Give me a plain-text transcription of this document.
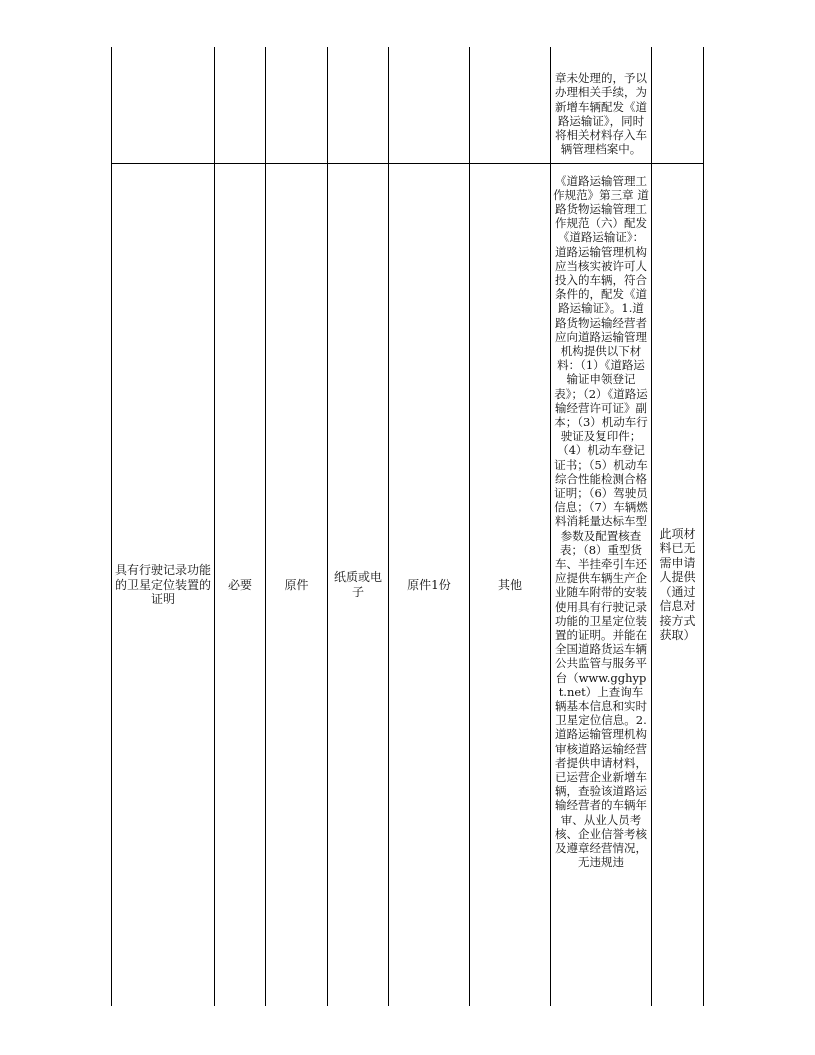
						章未处理的，予以办理相关手续，为新增车辆配发《道路运输证》，同时将相关材料存入车辆管理档案中。	
具有行驶记录功能的卫星定位装置的证明	必要	原件	纸质或电子	原件1份	其他	《道路运输管理工作规范》第三章 道路货物运输管理工作规范（六）配发《道路运输证》：道路运输管理机构应当核实被许可人投入的车辆，符合条件的，配发《道路运输证》。1.道路货物运输经营者应向道路运输管理机构提供以下材料：（1）《道路运输证申领登记表》；（2）《道路运输经营许可证》副本；（3）机动车行驶证及复印件；（4）机动车登记证书；（5）机动车综合性能检测合格证明；（6）驾驶员信息；（7）车辆燃料消耗量达标车型参数及配置核查表；（8）重型货车、半挂牵引车还应提供车辆生产企业随车附带的安装使用具有行驶记录功能的卫星定位装置的证明。并能在全国道路货运车辆公共监管与服务平台（www.gghypt.net）上查询车辆基本信息和实时卫星定位信息。2.道路运输管理机构审核道路运输经营者提供申请材料，已运营企业新增车辆，查验该道路运输经营者的车辆年审、从业人员考核、企业信誉考核及遵章经营情况，无违规违	此项材料已无需申请人提供（通过信息对接方式获取）
